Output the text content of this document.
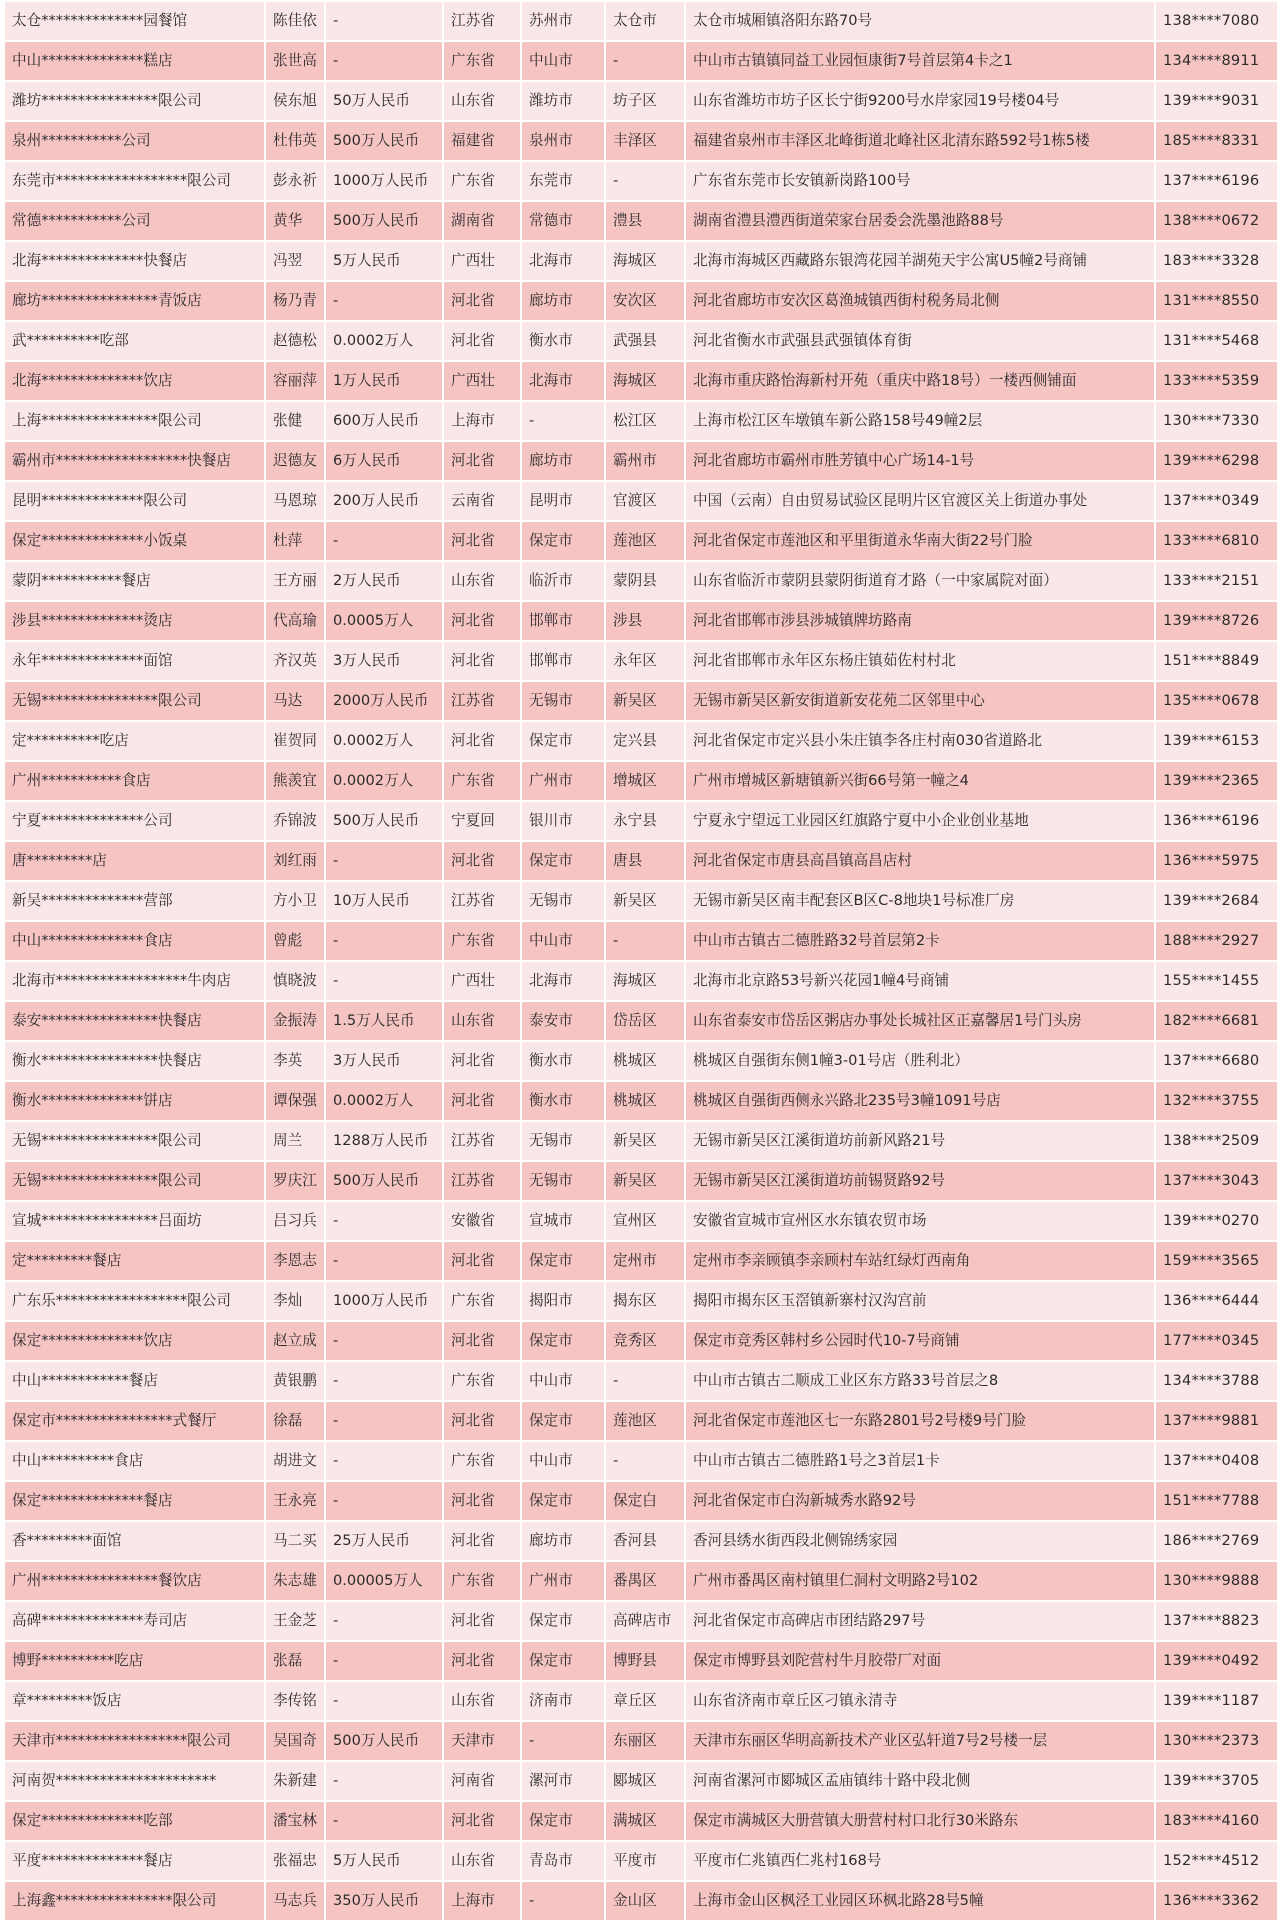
太仓**************园餐馆	陈佳依	-	江苏省	苏州市	太仓市	太仓市城厢镇洛阳东路70号	138****7080
中山**************糕店	张世高	-	广东省	中山市	-	中山市古镇镇同益工业园恒康街7号首层第4卡之1	134****8911
潍坊****************限公司	侯东旭	50万人民币	山东省	潍坊市	坊子区	山东省潍坊市坊子区长宁街9200号水岸家园19号楼04号	139****9031
泉州***********公司	杜伟英	500万人民币	福建省	泉州市	丰泽区	福建省泉州市丰泽区北峰街道北峰社区北清东路592号1栋5楼	185****8331
东莞市******************限公司	彭永祈	1000万人民币	广东省	东莞市	-	广东省东莞市长安镇新岗路100号	137****6196
常德***********公司	黄华	500万人民币	湖南省	常德市	澧县	湖南省澧县澧西街道荣家台居委会洗墨池路88号	138****0672
北海**************快餐店	冯翌	5万人民币	广西壮	北海市	海城区	北海市海城区西藏路东银湾花园羊湖苑天宇公寓U5幢2号商铺	183****3328
廊坊****************青饭店	杨乃青	-	河北省	廊坊市	安次区	河北省廊坊市安次区葛渔城镇西街村税务局北侧	131****8550
武**********吃部	赵德松	0.0002万人	河北省	衡水市	武强县	河北省衡水市武强县武强镇体育街	131****5468
北海**************饮店	容丽萍	1万人民币	广西壮	北海市	海城区	北海市重庆路怡海新村开苑（重庆中路18号）一楼西侧铺面	133****5359
上海****************限公司	张健	600万人民币	上海市	-	松江区	上海市松江区车墩镇车新公路158号49幢2层	130****7330
霸州市******************快餐店	迟德友	6万人民币	河北省	廊坊市	霸州市	河北省廊坊市霸州市胜芳镇中心广场14-1号	139****6298
昆明**************限公司	马恩琼	200万人民币	云南省	昆明市	官渡区	中国（云南）自由贸易试验区昆明片区官渡区关上街道办事处	137****0349
保定**************小饭桌	杜萍	-	河北省	保定市	莲池区	河北省保定市莲池区和平里街道永华南大街22号门脸	133****6810
蒙阴***********餐店	王方丽	2万人民币	山东省	临沂市	蒙阴县	山东省临沂市蒙阴县蒙阴街道育才路（一中家属院对面）	133****2151
涉县**************烫店	代高瑜	0.0005万人	河北省	邯郸市	涉县	河北省邯郸市涉县涉城镇牌坊路南	139****8726
永年**************面馆	齐汉英	3万人民币	河北省	邯郸市	永年区	河北省邯郸市永年区东杨庄镇茹佐村村北	151****8849
无锡****************限公司	马达	2000万人民币	江苏省	无锡市	新吴区	无锡市新吴区新安街道新安花苑二区邻里中心	135****0678
定**********吃店	崔贺同	0.0002万人	河北省	保定市	定兴县	河北省保定市定兴县小朱庄镇李各庄村南030省道路北	139****6153
广州***********食店	熊羡宜	0.0002万人	广东省	广州市	增城区	广州市增城区新塘镇新兴街66号第一幢之4	139****2365
宁夏**************公司	乔锦波	500万人民币	宁夏回	银川市	永宁县	宁夏永宁望远工业园区红旗路宁夏中小企业创业基地	136****6196
唐*********店	刘红雨	-	河北省	保定市	唐县	河北省保定市唐县高昌镇高昌店村	136****5975
新吴**************营部	方小卫	10万人民币	江苏省	无锡市	新吴区	无锡市新吴区南丰配套区B区C-8地块1号标准厂房	139****2684
中山**************食店	曾彪	-	广东省	中山市	-	中山市古镇古二德胜路32号首层第2卡	188****2927
北海市******************牛肉店	慎晓波	-	广西壮	北海市	海城区	北海市北京路53号新兴花园1幢4号商铺	155****1455
泰安****************快餐店	金振涛	1.5万人民币	山东省	泰安市	岱岳区	山东省泰安市岱岳区粥店办事处长城社区正嘉馨居1号门头房	182****6681
衡水****************快餐店	李英	3万人民币	河北省	衡水市	桃城区	桃城区自强街东侧1幢3-01号店（胜利北）	137****6680
衡水**************饼店	谭保强	0.0002万人	河北省	衡水市	桃城区	桃城区自强街西侧永兴路北235号3幢1091号店	132****3755
无锡****************限公司	周兰	1288万人民币	江苏省	无锡市	新吴区	无锡市新吴区江溪街道坊前新风路21号	138****2509
无锡****************限公司	罗庆江	500万人民币	江苏省	无锡市	新吴区	无锡市新吴区江溪街道坊前锡贤路92号	137****3043
宣城****************吕面坊	吕习兵	-	安徽省	宣城市	宣州区	安徽省宣城市宣州区水东镇农贸市场	139****0270
定*********餐店	李恩志	-	河北省	保定市	定州市	定州市李亲顾镇李亲顾村车站红绿灯西南角	159****3565
广东乐******************限公司	李灿	1000万人民币	广东省	揭阳市	揭东区	揭阳市揭东区玉滘镇新寨村汉沟宫前	136****6444
保定**************饮店	赵立成	-	河北省	保定市	竞秀区	保定市竞秀区韩村乡公园时代10-7号商铺	177****0345
中山************餐店	黄银鹏	-	广东省	中山市	-	中山市古镇古二顺成工业区东方路33号首层之8	134****3788
保定市****************式餐厅	徐磊	-	河北省	保定市	莲池区	河北省保定市莲池区七一东路2801号2号楼9号门脸	137****9881
中山**********食店	胡进文	-	广东省	中山市	-	中山市古镇古二德胜路1号之3首层1卡	137****0408
保定**************餐店	王永亮	-	河北省	保定市	保定白	河北省保定市白沟新城秀水路92号	151****7788
香*********面馆	马二买	25万人民币	河北省	廊坊市	香河县	香河县绣水街西段北侧锦绣家园	186****2769
广州****************餐饮店	朱志雄	0.00005万人	广东省	广州市	番禺区	广州市番禺区南村镇里仁洞村文明路2号102	130****9888
高碑**************寿司店	王金芝	-	河北省	保定市	高碑店市	河北省保定市高碑店市团结路297号	137****8823
博野**********吃店	张磊	-	河北省	保定市	博野县	保定市博野县刘陀营村牛月胶带厂对面	139****0492
章*********饭店	李传铭	-	山东省	济南市	章丘区	山东省济南市章丘区刁镇永清寺	139****1187
天津市******************限公司	吴国奇	500万人民币	天津市	-	东丽区	天津市东丽区华明高新技术产业区弘轩道7号2号楼一层	130****2373
河南贺**********************	朱新建	-	河南省	漯河市	郾城区	河南省漯河市郾城区孟庙镇纬十路中段北侧	139****3705
保定**************吃部	潘宝林	-	河北省	保定市	满城区	保定市满城区大册营镇大册营村村口北行30米路东	183****4160
平度**************餐店	张福忠	5万人民币	山东省	青岛市	平度市	平度市仁兆镇西仁兆村168号	152****4512
上海鑫****************限公司	马志兵	350万人民币	上海市	-	金山区	上海市金山区枫泾工业园区环枫北路28号5幢	136****3362
